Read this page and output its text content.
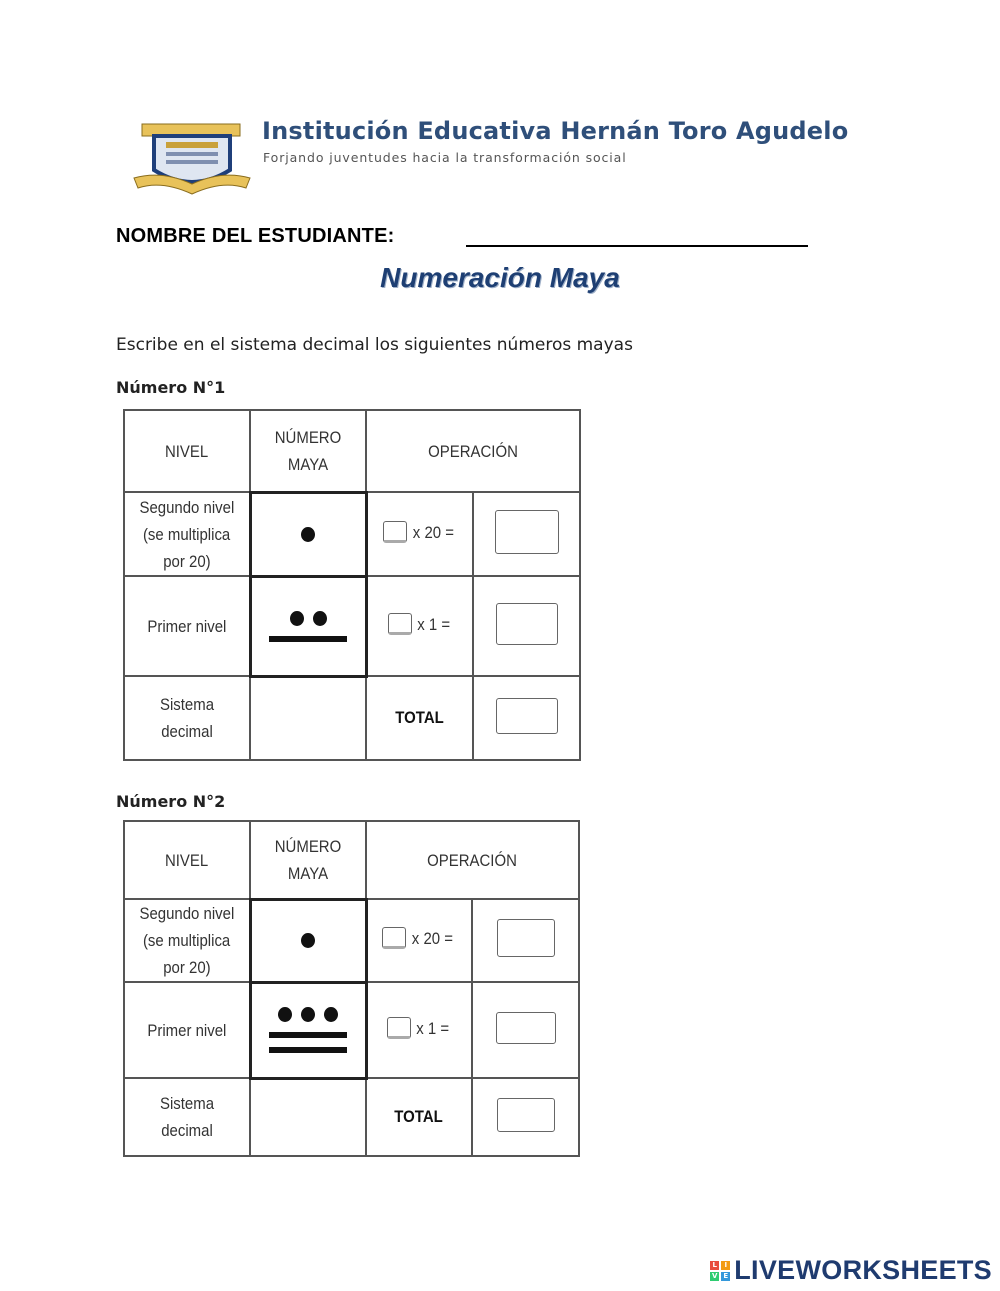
Institución Educativa Hernán Toro Agudelo
Forjando juventudes hacia la transformación social
NOMBRE DEL ESTUDIANTE:
Numeración Maya
Escribe en el sistema decimal los siguientes números mayas
Número N°1
NIVEL	NÚMERO MAYA	OPERACIÓN	
Segundo nivel
(se multiplica
por 20)		x 20 =	

Primer nivel		x 1 =	

Sistema decimal		TOTAL	
Número N°2
NIVEL	NÚMERO MAYA	OPERACIÓN	
Segundo nivel
(se multiplica
por 20)		x 20 =	

Primer nivel		x 1 =	

Sistema decimal		TOTAL	
L	I
V E LIVEWORKSHEETS
